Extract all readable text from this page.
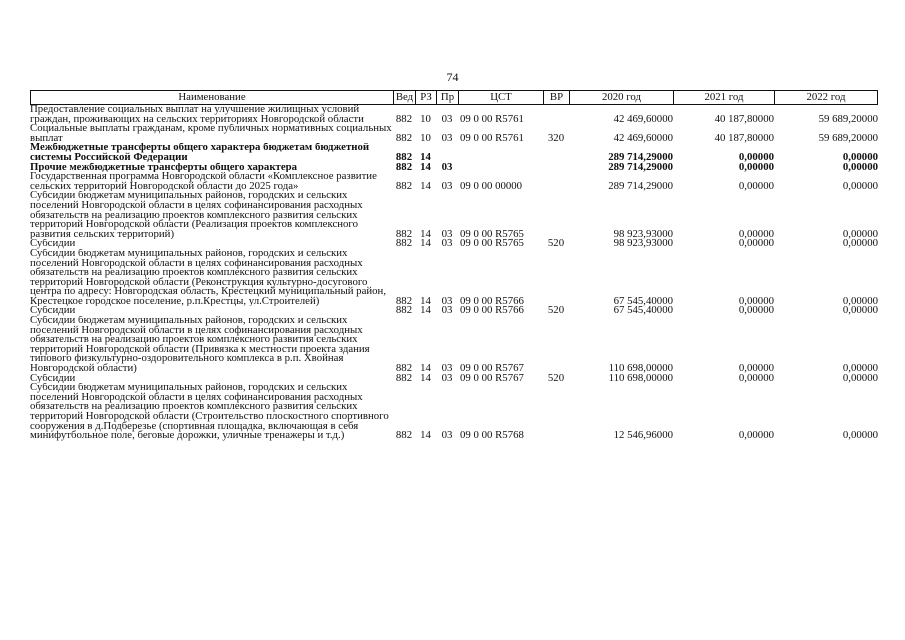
74
Наименование	Вед РЗ Пр	ЦСТ	ВР	2020 год	2021 год	2022 год
Предоставление социальных выплат на улучшение жилищных условий граждан, проживающих на сельских территориях Новгородской области	882 10 03 09 0 00 R5761	42 469,60000	40 187,80000	59 689,20000
Социальные выплаты гражданам, кроме публичных нормативных социальных выплат	882 10 03 09 0 00 R5761	320	42 469,60000	40 187,80000	59 689,20000
Межбюджетные трансферты общего характера бюджетам бюджетной системы Российской Федерации	882 14	289 714,29000	0,00000	0,00000
Прочие межбюджетные трансферты общего характера	882 14 03	289 714,29000	0,00000	0,00000
Государственная программа Новгородской области «Комплексное развитие сельских территорий Новгородской области до 2025 года»	882 14 03 09 0 00 00000	289 714,29000	0,00000	0,00000
Субсидии бюджетам муниципальных районов, городских и сельских поселений Новгородской области в целях софинансирования расходных обязательств на реализацию проектов комплексного развития сельских территорий Новгородской области (Реализация проектов комплексного развития сельских территорий)	882 14 03 09 0 00 R5765	98 923,93000	0,00000	0,00000
Субсидии	882 14 03 09 0 00 R5765	520	98 923,93000	0,00000	0,00000
Субсидии бюджетам муниципальных районов, городских и сельских поселений Новгородской области в целях софинансирования расходных обязательств на реализацию проектов комплексного развития сельских территорий Новгородской области (Реконструкция культурно-досугового центра по адресу: Новгородская область, Крестецкий муниципальный район, Крестецкое городское поселение, р.п.Крестцы, ул.Строителей)	882 14 03 09 0 00 R5766	67 545,40000	0,00000	0,00000
Субсидии	882 14 03 09 0 00 R5766	520	67 545,40000	0,00000	0,00000
Субсидии бюджетам муниципальных районов, городских и сельских поселений Новгородской области в целях софинансирования расходных обязательств на реализацию проектов комплексного развития сельских территорий Новгородской области (Привязка к местности проекта здания типового физкультурно-оздоровительного комплекса в р.п. Хвойная Новгородской области)	882 14 03 09 0 00 R5767	110 698,00000	0,00000	0,00000
Субсидии	882 14 03 09 0 00 R5767	520	110 698,00000	0,00000	0,00000
Субсидии бюджетам муниципальных районов, городских и сельских поселений Новгородской области в целях софинансирования расходных обязательств на реализацию проектов комплексного развития сельских территорий Новгородской области (Строительство плоскостного спортивного сооружения в д.Подберезье (спортивная площадка, включающая в себя минифутбольное поле, беговые дорожки, уличные тренажеры и т.д.)	882 14 03 09 0 00 R5768	12 546,96000	0,00000	0,00000
